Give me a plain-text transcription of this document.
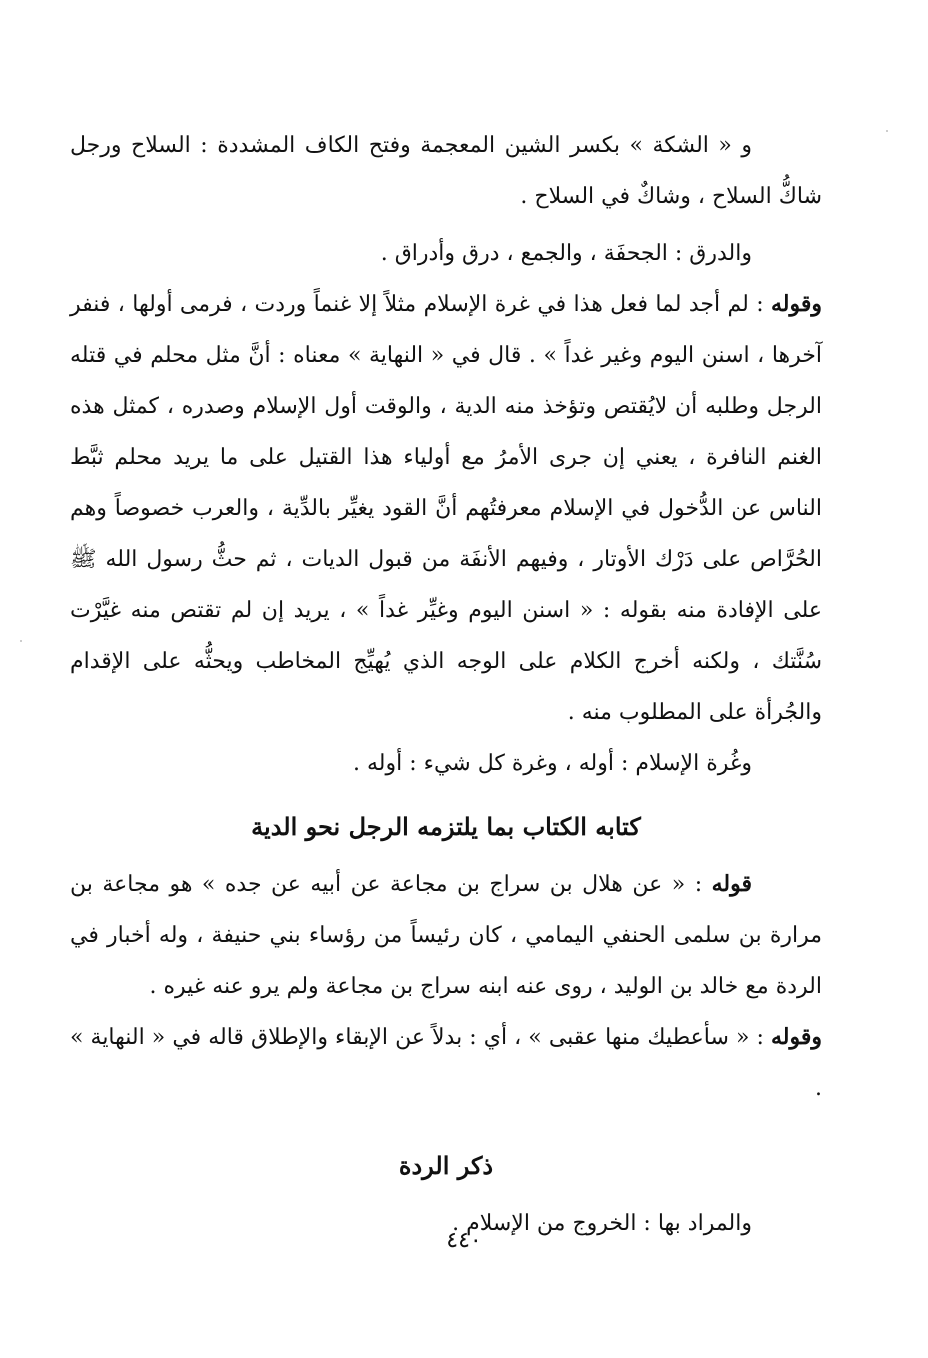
و « الشكة » بكسر الشين المعجمة وفتح الكاف المشددة : السلاح ورجل شاكُّ السلاح ، وشاكٌ في السلاح .

والدرق : الجحفَة ، والجمع ، درق وأدراق .

وقوله : لم أجد لما فعل هذا في غرة الإسلام مثلاً إلا غنماً وردت ، فرمى أولها ، فنفر آخرها ، اسنن اليوم وغير غداً » . قال في « النهاية » معناه : أنَّ مثل محلم في قتله الرجل وطلبه أن لايُقتص وتؤخذ منه الدية ، والوقت أول الإسلام وصدره ، كمثل هذه الغنم النافرة ، يعني إن جرى الأمرُ مع أولياء هذا القتيل على ما يريد محلم ثبَّط الناس عن الدُّخول في الإسلام معرفتُهم أنَّ القود يغيِّر بالدِّية ، والعرب خصوصاً وهم الحُرَّاص على دَرْك الأوتار ، وفيهم الأنفَة من قبول الديات ، ثم حثُّ رسول الله ﷺ على الإفادة منه بقوله : « اسنن اليوم وغيِّر غداً » ، يريد إن لم تقتص منه غيَّرْت سُنَّتك ، ولكنه أخرج الكلام على الوجه الذي يُهيِّج المخاطب ويحثُّه على الإقدام والجُرأة على المطلوب منه .

وغُرة الإسلام : أوله ، وغرة كل شيء : أوله .

كتابه الكتاب بما يلتزمه الرجل نحو الدية

قوله : « عن هلال بن سراج بن مجاعة عن أبيه عن جده » هو مجاعة بن مرارة بن سلمى الحنفي اليمامي ، كان رئيساً من رؤساء بني حنيفة ، وله أخبار في الردة مع خالد بن الوليد ، روى عنه ابنه سراج بن مجاعة ولم يرو عنه غيره .

وقوله : « سأعطيك منها عقبى » ، أي : بدلاً عن الإبقاء والإطلاق قاله في « النهاية » .

ذكر الردة

والمراد بها : الخروج من الإسلام .

٤٤٠
